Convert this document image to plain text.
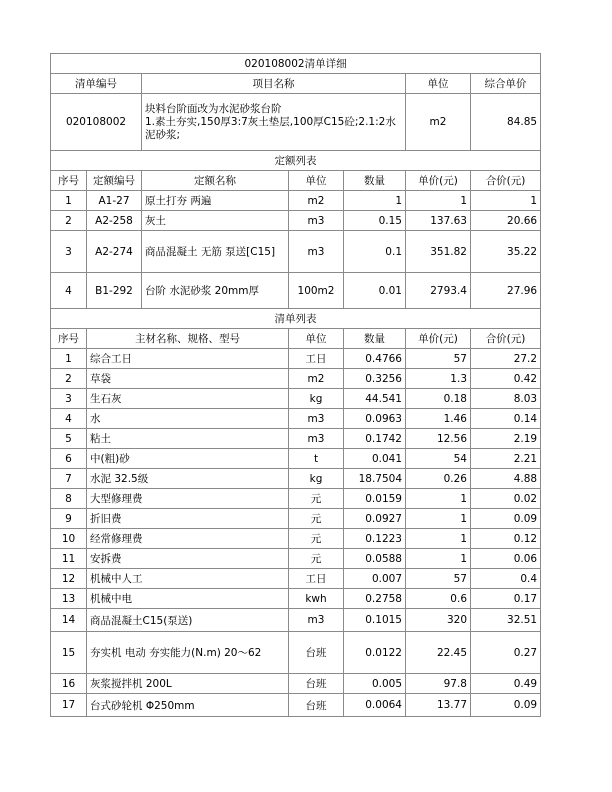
020108002清单详细						
清单编号		项目名称			单位	综合单价
020108002		块料台阶面改为水泥砂浆台阶
1.素土夯实,150厚3:7灰土垫层,100厚C15砼;2.1:2水泥砂浆;			m2	84.85
定额列表						
序号	定额编号	定额名称	单位	数量	单价(元)	合价(元)
1	A1-27	原土打夯 两遍	m2	1	1	1
2	A2-258	灰土	m3	0.15	137.63	20.66
3	A2-274	商品混凝土 无筋 泵送[C15]	m3	0.1	351.82	35.22
4	B1-292	台阶 水泥砂浆 20mm厚	100m2	0.01	2793.4	27.96
清单列表						
序号	主材名称、规格、型号		单位	数量	单价(元)	合价(元)
1	综合工日		工日	0.4766	57	27.2
2	草袋		m2	0.3256	1.3	0.42
3	生石灰		kg	44.541	0.18	8.03
4	水		m3	0.0963	1.46	0.14
5	粘土		m3	0.1742	12.56	2.19
6	中(粗)砂		t	0.041	54	2.21
7	水泥 32.5级		kg	18.7504	0.26	4.88
8	大型修理费		元	0.0159	1	0.02
9	折旧费		元	0.0927	1	0.09
10	经常修理费		元	0.1223	1	0.12
11	安拆费		元	0.0588	1	0.06
12	机械中人工		工日	0.007	57	0.4
13	机械中电		kwh	0.2758	0.6	0.17
14	商品混凝土C15(泵送)		m3	0.1015	320	32.51
15	夯实机 电动 夯实能力(N.m) 20～62		台班	0.0122	22.45	0.27
16	灰浆搅拌机 200L		台班	0.005	97.8	0.49
17	台式砂轮机 Φ250mm		台班	0.0064	13.77	0.09
